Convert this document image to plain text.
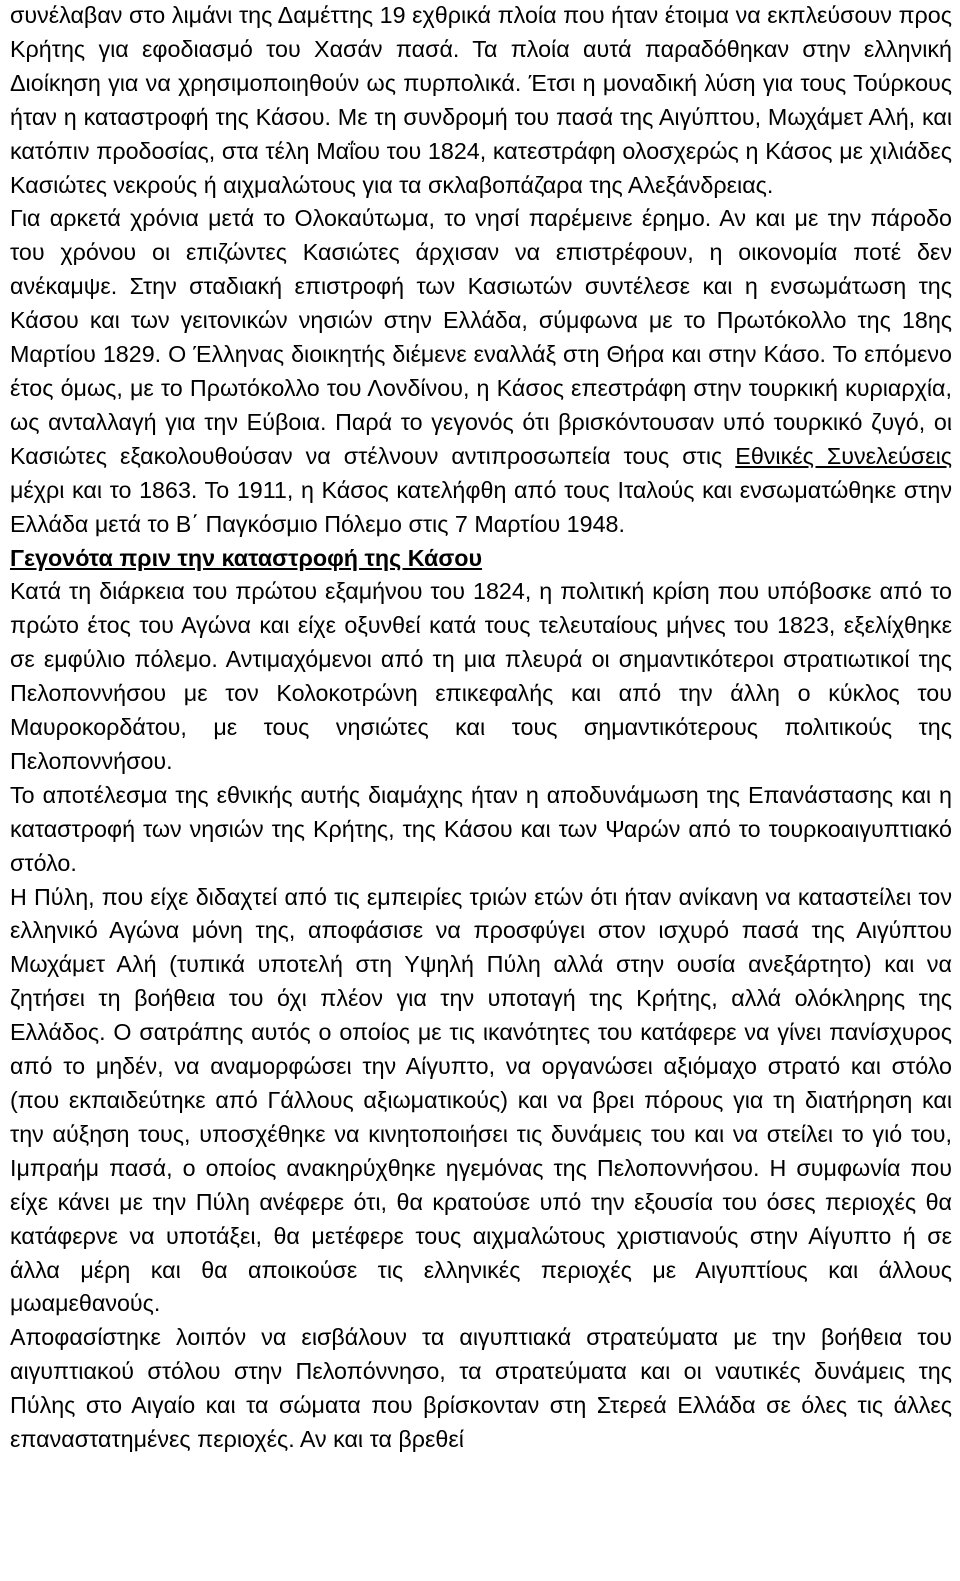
συνέλαβαν στο λιμάνι της Δαμέττης 19 εχθρικά πλοία που ήταν έτοιμα να εκπλεύσουν προς Κρήτης για εφοδιασμό του Χασάν πασά. Τα πλοία αυτά παραδόθηκαν στην ελληνική Διοίκηση για να χρησιμοποιηθούν ως πυρπολικά. Έτσι η μοναδική λύση για τους Τούρκους ήταν η καταστροφή της Κάσου. Με τη συνδρομή του πασά της Αιγύπτου, Μωχάμετ Αλή, και κατόπιν προδοσίας, στα τέλη Μαΐου του 1824, κατεστράφη ολοσχερώς η Κάσος με χιλιάδες Κασιώτες νεκρούς ή αιχμαλώτους για τα σκλαβοπάζαρα της Αλεξάνδρειας.

Για αρκετά χρόνια μετά το Ολοκαύτωμα, το νησί παρέμεινε έρημο. Αν και με την πάροδο του χρόνου οι επιζώντες Κασιώτες άρχισαν να επιστρέφουν, η οικονομία ποτέ δεν ανέκαμψε. Στην σταδιακή επιστροφή των Κασιωτών συντέλεσε και η ενσωμάτωση της Κάσου και των γειτονικών νησιών στην Ελλάδα, σύμφωνα με το Πρωτόκολλο της 18ης Μαρτίου 1829. Ο Έλληνας διοικητής διέμενε εναλλάξ στη Θήρα και στην Κάσο. Το επόμενο έτος όμως, με το Πρωτόκολλο του Λονδίνου, η Κάσος επεστράφη στην τουρκική κυριαρχία, ως ανταλλαγή για την Εύβοια. Παρά το γεγονός ότι βρισκόντουσαν υπό τουρκικό ζυγό, οι Κασιώτες εξακολουθούσαν να στέλνουν αντιπροσωπεία τους στις Εθνικές Συνελεύσεις μέχρι και το 1863. Το 1911, η Κάσος κατελήφθη από τους Ιταλούς και ενσωματώθηκε στην Ελλάδα μετά το Β΄ Παγκόσμιο Πόλεμο στις 7 Μαρτίου 1948.

Γεγονότα πριν την καταστροφή της Κάσου

Κατά τη διάρκεια του πρώτου εξαμήνου του 1824, η πολιτική κρίση που υπόβοσκε από το πρώτο έτος του Αγώνα και είχε οξυνθεί κατά τους τελευταίους μήνες του 1823, εξελίχθηκε σε εμφύλιο πόλεμο. Αντιμαχόμενοι από τη μια πλευρά οι σημαντικότεροι στρατιωτικοί της Πελοποννήσου με τον Κολοκοτρώνη επικεφαλής και από την άλλη ο κύκλος του Μαυροκορδάτου, με τους νησιώτες και τους σημαντικότερους πολιτικούς της Πελοποννήσου.

Το αποτέλεσμα της εθνικής αυτής διαμάχης ήταν η αποδυνάμωση της Επανάστασης και η καταστροφή των νησιών της Κρήτης, της Κάσου και των Ψαρών από το τουρκοαιγυπτιακό στόλο.

Η Πύλη, που είχε διδαχτεί από τις εμπειρίες τριών ετών ότι ήταν ανίκανη να καταστείλει τον ελληνικό Αγώνα μόνη της, αποφάσισε να προσφύγει στον ισχυρό πασά της Αιγύπτου Μωχάμετ Αλή (τυπικά υποτελή στη Υψηλή Πύλη αλλά στην ουσία ανεξάρτητο) και να ζητήσει τη βοήθεια του όχι πλέον για την υποταγή της Κρήτης, αλλά ολόκληρης της Ελλάδος. Ο σατράπης αυτός ο οποίος με τις ικανότητες του κατάφερε να γίνει πανίσχυρος από το μηδέν, να αναμορφώσει την Αίγυπτο, να οργανώσει αξιόμαχο στρατό και στόλο (που εκπαιδεύτηκε από Γάλλους αξιωματικούς) και να βρει πόρους για τη διατήρηση και την αύξηση τους, υποσχέθηκε να κινητοποιήσει τις δυνάμεις του και να στείλει το γιό του, Ιμπραήμ πασά, ο οποίος ανακηρύχθηκε ηγεμόνας της Πελοποννήσου. Η συμφωνία που είχε κάνει με την Πύλη ανέφερε ότι, θα κρατούσε υπό την εξουσία του όσες περιοχές θα κατάφερνε να υποτάξει, θα μετέφερε τους αιχμαλώτους χριστιανούς στην Αίγυπτο ή σε άλλα μέρη και θα αποικούσε τις ελληνικές περιοχές με Αιγυπτίους και άλλους μωαμεθανούς.

Αποφασίστηκε λοιπόν να εισβάλουν τα αιγυπτιακά στρατεύματα με την βοήθεια του αιγυπτιακού στόλου στην Πελοπόννησο, τα στρατεύματα και οι ναυτικές δυνάμεις της Πύλης στο Αιγαίο και τα σώματα που βρίσκονταν στη Στερεά Ελλάδα σε όλες τις άλλες επαναστατημένες περιοχές. Αν και τα βρεθεί
